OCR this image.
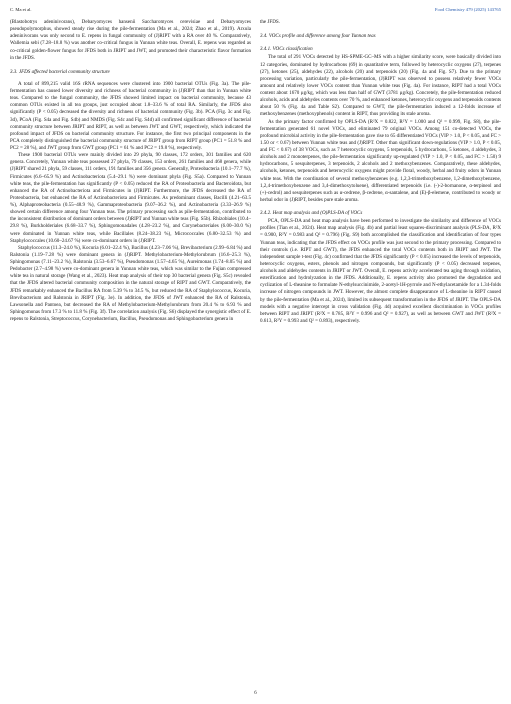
C. Ma et al.	Food Chemistry 479 (2025) 143765

(Blastobotrys adeninivorans), Debaryomyces hansenii Saccharomyces cerevisiae and Debaryomyces pseudopolymorphus, showed steady rise during the pile-fermentation (Ma et al., 2024; Zhao et al., 2019). Arxula adeninivorans was only second to E. repens in fungal community of (J)RIPT with a RA over 40 %. Comparatively, Wallemia sebi (7.28–18.8 %) was another co-critical fungus in Yunnan white teas. Overall, E. repens was regarded as co-critical golden-flower fungus for JFDS both in JRIPT and JWT, and promoted their characteristic flavor formation in the JFDS.

3.3. JFDS affected bacterial community structure

A total of 899,215 valid 16S rRNA sequences were clustered into 1900 bacterial OTUs (Fig. 3a). The pile-fermentation has caused lower diversity and richness of bacterial community in (J)RIPT than that in Yunnan white teas. Compared to the fungal community, the JFDS showed limited impact on bacterial community, because 43 common OTUs existed in all tea groups, just occupied about 1.8–33.6 % of total RA. Similarly, the JFDS also significantly (P < 0.05) decreased the diversity and richness of bacterial community (Fig. 3b). PCA (Fig. 3c and Fig. 3d), PCoA (Fig. S4a and Fig. S4b) and NMDS (Fig. S4c and Fig. S4d) all confirmed significant difference of bacterial community structure between JRIPT and RIPT, as well as between JWT and GWT, respectively, which indicated the profound impact of JFDS on bacterial community structure. For instance, the first two principal components in the PCA completely distinguished the bacterial community structure of JRIPT group from RIPT group (PC1 = 51.8 % and PC2 = 28 %), and JWT group from GWT group (PC1 = 61 % and PC2 = 19.8 %), respectively.

These 1900 bacterial OTUs were mainly divided into 29 phyla, 90 classes, 172 orders, 301 families and 620 genera. Concretely, Yunnan white teas possessed 27 phyla, 79 classes, 153 orders, 261 families and 468 genera, while (J)RIPT shared 21 phyla, 59 classes, 111 orders, 191 families and 356 genera. Generally, Proteobacteria (10.1–77.7 %), Firmicutes (6.6–65.9 %) and Actinobacteriota (5.4–29.1 %) were dominant phyla (Fig. S5a). Compared to Yunnan white teas, the pile-fermentation has significantly (P < 0.05) reduced the RA of Proteobacteria and Bacteroidota, but enhanced the RA of Actinobacteriota and Firmicutes in (J)RIPT. Furthermore, the JFDS decreased the RA of Proteobacteria, but enhanced the RA of Actinobacteriota and Firmicutes. As predominant classes, Bacilli (4.21–63.5 %), Alphaproteobacteria (0.55–48.9 %), Gammaproteobacteria (9.07–36.2 %), and Actinobacteria (3.33–26.9 %) showed certain difference among four Yunnan teas. The primary processing such as pile-fermentation, contributed to the inconsistent distribution of dominant orders between (J)RIPT and Yunnan white teas (Fig. S5b). Rhizobiales (10.4–29.8 %), Burkholderiales (6.68–33.7 %), Sphingomonadales (4.28–23.2 %), and Corynebacteriales (6.00–30.0 %) were dominated in Yunnan white teas, while Bacillales (8.24–38.23 %), Micrococcales (6.80–32.53 %) and Staphylococcales (10.60–24.67 %) were co-dominant orders in (J)RIPT.

Staphylococcus (11.3–24.0 %), Kocuria (6.01–22.4 %), Bacillus (4.23–7.06 %), Brevibacterium (2.99–6.84 %) and Ralstonia (1.19–7.28 %) were dominant genera in (J)RIPT. Methylobacterium-Methylorubrum (16.6–25.3 %), Sphingomonas (7.11–23.2 %), Ralstonia (3.53–6.67 %), Pseudomonas (1.57–4.65 %), Aureimonas (1.74–8.05 %) and Pedobacter (2.7–4.98 %) were co-dominant genera in Yunnan white teas, which was similar to the Fujian compressed white tea in natural storage (Wang et al., 2023). Heat map analysis of their top 30 bacterial genera (Fig. S5c) revealed that the JFDS altered bacterial community composition in the natural storage of RIPT and GWT. Comparatively, the JFDS remarkably enhanced the Bacillus RA from 5.39 % to 34.5 %, but reduced the RA of Staphylococcus, Kocuria, Brevibacterium and Ralstonia in JRIPT (Fig. 3e). In addition, the JFDS of JWT enhanced the RA of Ralstonia, Lawsonella and Pantoea, but decreased the RA of Methylobacterium-Methylorubrum from 20.4 % to 6.93 % and Sphingomonas from 17.3 % to 11.8 % (Fig. 3f). The correlation analysis (Fig. S6) displayed the synergistic effect of E. repens to Ralstonia, Streptococcus, Corynebacterium, Bacillus, Pseudomonas and Sphingobacterium genera in

the JFDS.

3.4. VOCs profile and difference among four Yunnan teas
3.4.1. VOCs classification

The total of 291 VOCs detected by HS-SPME-GC–MS with a higher similarity score, were basically divided into 12 categories, dominated by hydrocarbons (69) in quantitative term, followed by heterocyclic oxygens (27), terpenes (27), ketones (25), aldehydes (22), alcohols (20) and terpenoids (20) (Fig. 4a and Fig. S7). Due to the primary processing variation, particularly the pile-fermentation, (J)RIPT was observed to possess relatively fewer VOCs amount and relatively lower VOCs content than Yunnan white teas (Fig. 4a). For instance, RIPT had a total VOCs content about 1670 μg/kg, which was less than half of GWT (3781 μg/kg). Concretely, the pile-fermentation reduced alcohols, acids and aldehydes contents over 70 %, and enhanced ketones, heterocyclic oxygens and terpenoids contents about 50 % (Fig. 4a and Table S2). Compared to GWT, the pile-fermentation induced a 12-folds increase of methoxybenzenes (methoxyphenols) content in RIPT, thus providing its stale aroma.

As the primary factor confirmed by OPLS-DA (R²X = 0.822, R²Y = 1.000 and Q² = 0.999, Fig. S8), the pile-fermentation generated 61 novel VOCs, and eliminated 79 original VOCs. Among 151 co-detected VOCs, the profound microbial activity in the pile-fermentation gave rise to 65 differentiated VOCs (VIP > 1.0, P < 0.05, and FC > 1.50 or < 0.67) between Yunnan white teas and (J)RIPT. Other than significant down-regulations (VIP > 1.0, P < 0.05, and FC < 0.67) of 38 VOCs, such as 7 heterocyclic oxygens, 5 terpenoids, 5 hydrocarbons, 5 ketones, 4 aldehydes, 3 alcohols and 2 monoterpenes, the pile-fermentation significantly up-regulated (VIP > 1.0, P < 0.05, and FC > 1.50) 9 hydrocarbons, 5 sesquiterpenes, 3 terpenoids, 2 alcohols and 2 methoxybenzenes. Comparatively, these aldehydes, alcohols, ketones, terpenoids and heterocyclic oxygens might provide floral, woody, herbal and fruity odors in Yunnan white teas. With the coordination of several methoxybenzenes (e.g. 1,2,3-trimethoxybenzene, 1,2-dimethoxybenzene, 1,2,4-trimethoxybenzene and 3,4-dimethoxytoluene), differentiated terpenoids (i.e. (-)-2-bornanone, α-terpineol and (+)-cedrol) and sesquiterpenes such as α-cedrene, β-cedrene, α-santalene, and (E)-β-elemene, contributed to woody or herbal odor in (J)RIPT, besides pure stale aroma.

3.4.2. Heat map analysis and (O)PLS-DA of VOCs

PCA, OPLS-DA and heat map analysis have been performed to investigate the similarity and difference of VOCs profiles (Tian et al., 2024). Heat map analysis (Fig. 4b) and partial least squares-discriminant analysis (PLS-DA, R²X = 0.900, R²Y = 0.983 and Q² = 0.796) (Fig. S9) both accomplished the classification and identification of four types Yunnan teas, indicating that the JFDS effect on VOCs profile was just second to the primary processing. Compared to their controls (i.e. RIPT and GWT), the JFDS enhanced the total VOCs contents both in JRIPT and JWT. The independent sample t-test (Fig. 4c) confirmed that the JFDS significantly (P < 0.05) increased the levels of terpenoids, heterocyclic oxygens, esters, phenols and nitrogen compounds, but significantly (P < 0.05) decreased terpenes, alcohols and aldehydes contents in JRIPT or JWT. Overall, E. repens activity accelerated tea aging through oxidation, esterification and hydrolyzation in the JFDS. Additionally, E. repens activity also promoted the degradation and cyclization of L-theanine to formulate N-ethylsuccinimide, 2-acetyl-1H-pyrrole and N-ethylacetamide for a 1.34-folds increase of nitrogen compounds in JWT. However, the almost complete disappearance of L-theanine in RIPT caused by the pile-fermentation (Ma et al., 2024), limited its subsequent transformation in the JFDS of JRIPT. The OPLS-DA models with a negative intercept in cross validation (Fig. 4d) acquired excellent discrimination in VOCs profiles between RIPT and JRIPT (R²X = 0.785, R²Y = 0.996 and Q² = 0.927), as well as between GWT and JWT (R²X = 0.613, R²Y = 0.993 and Q² = 0.893), respectively.

6
